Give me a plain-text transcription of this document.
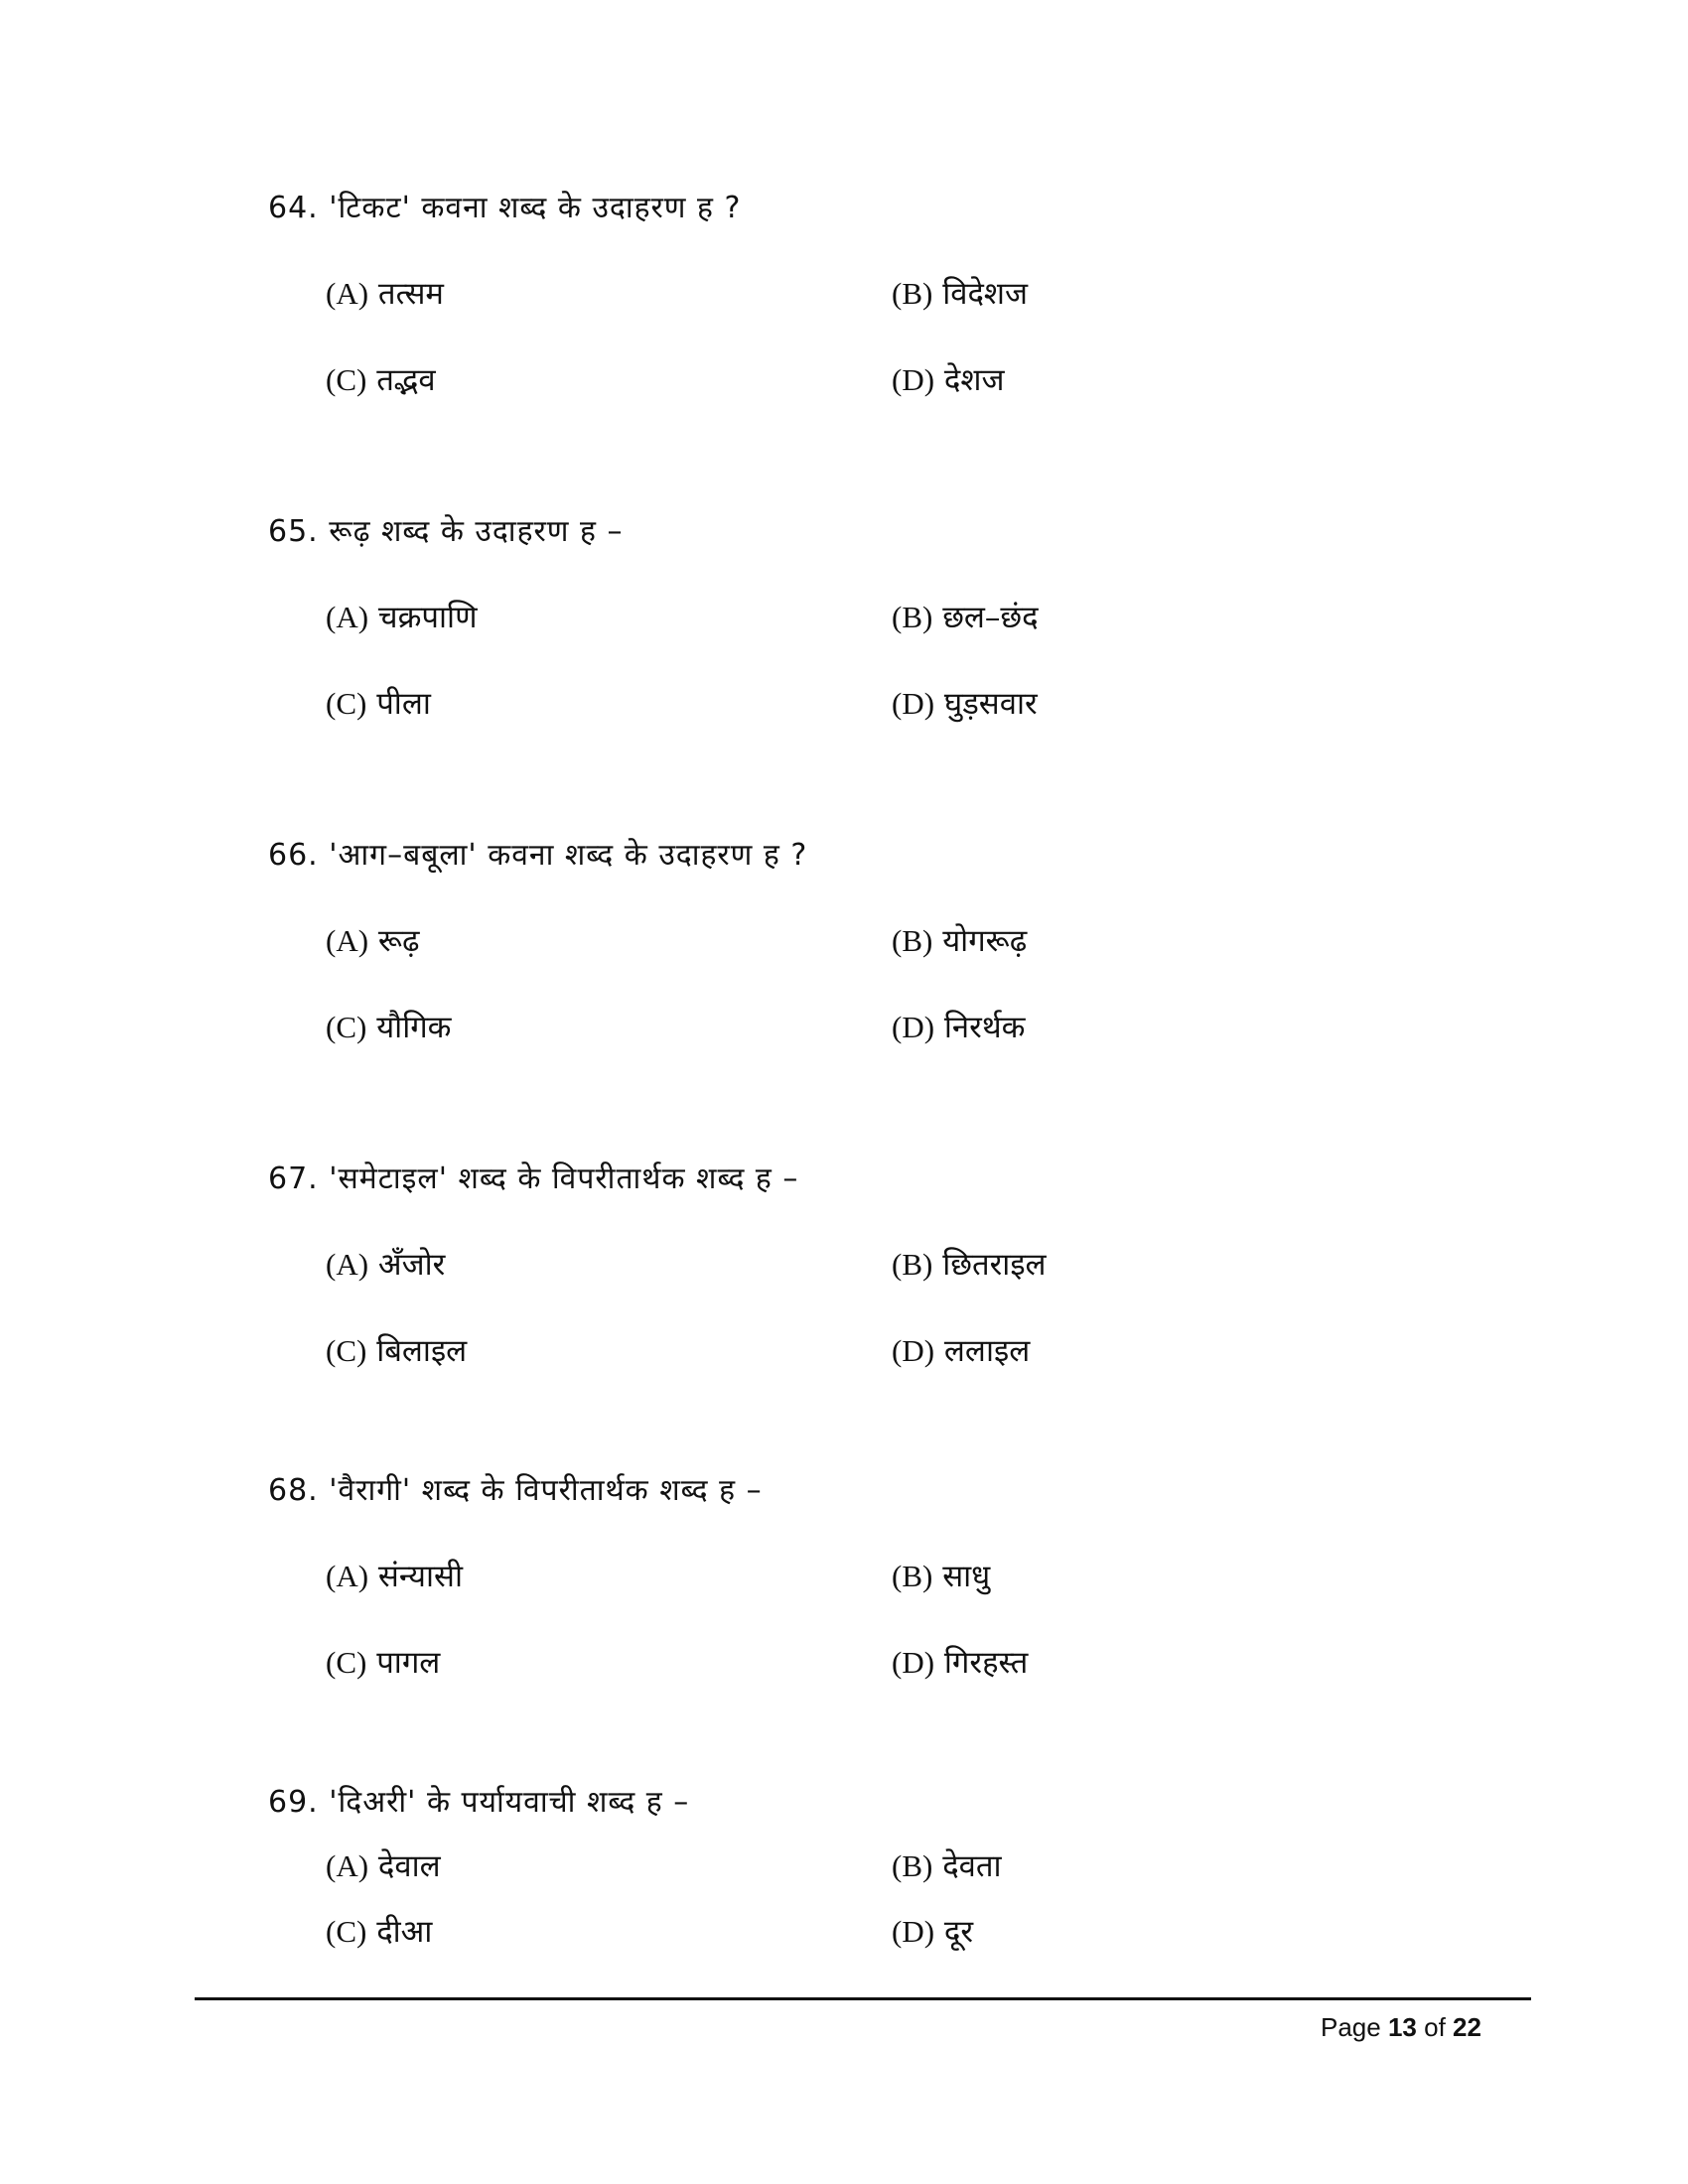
64. 'टिकट' कवना शब्द के उदाहरण ह ?
(A) तत्सम	(B) विदेशज
(C) तद्भव	(D) देशज
65. रूढ़ शब्द के उदाहरण ह –
(A) चक्रपाणि	(B) छल–छंद
(C) पीला	(D) घुड़सवार
66. 'आग–बबूला' कवना शब्द के उदाहरण ह ?
(A) रूढ़	(B) योगरूढ़
(C) यौगिक	(D) निरर्थक
67. 'समेटाइल' शब्द के विपरीतार्थक शब्द ह –
(A) अँजोर	(B) छितराइल
(C) बिलाइल	(D) ललाइल
68. 'वैरागी' शब्द के विपरीतार्थक शब्द ह –
(A) संन्यासी	(B) साधु
(C) पागल	(D) गिरहस्त
69. 'दिअरी' के पर्यायवाची शब्द ह –
(A) देवाल	(B) देवता
(C) दीआ	(D) दूर
Page 13 of 22
